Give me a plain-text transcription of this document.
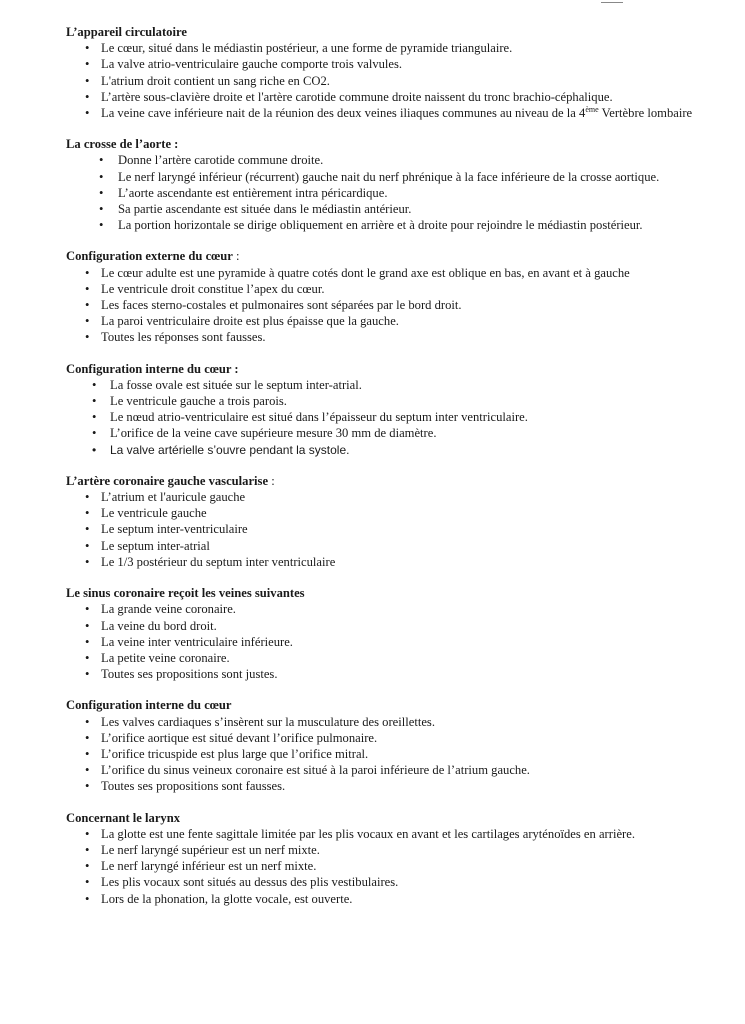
L’appareil circulatoire
• Le cœur, situé dans le médiastin postérieur, a une forme de pyramide triangulaire.
• La valve atrio-ventriculaire gauche comporte trois valvules.
• L'atrium droit contient un sang riche en CO2.
• L’artère sous-clavière droite et l'artère carotide commune droite naissent du tronc brachio-céphalique.
• La veine cave inférieure nait de la réunion des deux veines iliaques communes au niveau de la 4ème Vertèbre lombaire
La crosse de l’aorte :
• Donne l’artère carotide commune droite.
• Le nerf laryngé inférieur (récurrent) gauche nait du nerf phrénique à la face inférieure de la crosse aortique.
• L’aorte ascendante est entièrement intra péricardique.
• Sa partie ascendante est située dans le médiastin antérieur.
• La portion horizontale se dirige obliquement en arrière et à droite pour rejoindre le médiastin postérieur.
Configuration externe du cœur :
• Le cœur adulte est une pyramide à quatre cotés dont le grand axe est oblique en bas, en avant et à gauche
• Le ventricule droit constitue l’apex du cœur.
• Les faces sterno-costales et pulmonaires sont séparées par le bord droit.
• La paroi ventriculaire droite est plus épaisse que la gauche.
• Toutes les réponses sont fausses.
Configuration interne du cœur :
• La fosse ovale est située sur le septum inter-atrial.
• Le ventricule gauche a trois parois.
• Le nœud atrio-ventriculaire est situé dans l’épaisseur du septum inter ventriculaire.
• L’orifice de la veine cave supérieure mesure 30 mm de diamètre.
• La valve artérielle s’ouvre pendant la systole.
L’artère coronaire gauche vascularise :
• L’atrium et l'auricule gauche
• Le ventricule gauche
• Le septum inter-ventriculaire
• Le septum inter-atrial
• Le 1/3 postérieur du septum inter ventriculaire
Le sinus coronaire reçoit les veines suivantes
• La grande veine coronaire.
• La veine du bord droit.
• La veine inter ventriculaire inférieure.
• La petite veine coronaire.
• Toutes ses propositions sont justes.
Configuration interne du cœur
• Les valves cardiaques s’insèrent sur la musculature des oreillettes.
• L’orifice aortique est situé devant l’orifice pulmonaire.
• L’orifice tricuspide est plus large que l’orifice mitral.
• L’orifice du sinus veineux coronaire est situé à la paroi inférieure de l’atrium gauche.
• Toutes ses propositions sont fausses.
Concernant le larynx
• La glotte est une fente sagittale limitée par les plis vocaux en avant et les cartilages aryténoïdes en arrière.
• Le nerf laryngé supérieur est un nerf mixte.
• Le nerf laryngé inférieur est un nerf mixte.
• Les plis vocaux sont situés au dessus des plis vestibulaires.
• Lors de la phonation, la glotte vocale, est ouverte.
